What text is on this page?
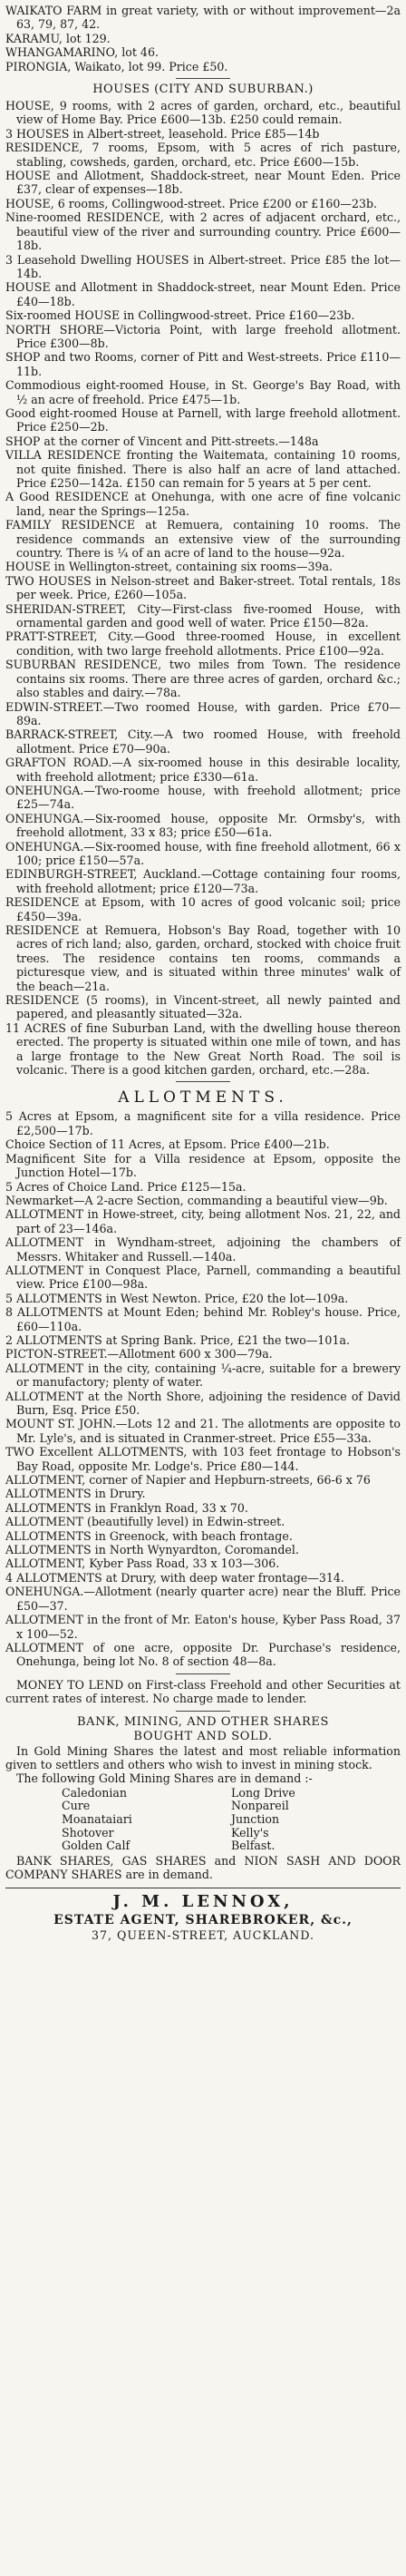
WAIKATO FARM in great variety, with or without improvement—2a 63, 79, 87, 42.

KARAMU, lot 129.

WHANGAMARINO, lot 46.

PIRONGIA, Waikato, lot 99. Price £50.

HOUSES (CITY AND SUBURBAN.)

HOUSE, 9 rooms, with 2 acres of garden, orchard, etc., beautiful view of Home Bay. Price £600—13b. £250 could remain.

3 HOUSES in Albert-street, leasehold. Price £85—14b

RESIDENCE, 7 rooms, Epsom, with 5 acres of rich pasture, stabling, cowsheds, garden, orchard, etc. Price £600—15b.

HOUSE and Allotment, Shaddock-street, near Mount Eden. Price £37, clear of expenses—18b.

HOUSE, 6 rooms, Collingwood-street. Price £200 or £160—23b.

Nine-roomed RESIDENCE, with 2 acres of adjacent orchard, etc., beautiful view of the river and surrounding country. Price £600—18b.

3 Leasehold Dwelling HOUSES in Albert-street. Price £85 the lot—14b.

HOUSE and Allotment in Shaddock-street, near Mount Eden. Price £40—18b.

Six-roomed HOUSE in Collingwood-street. Price £160—23b.

NORTH SHORE—Victoria Point, with large freehold allotment. Price £300—8b.

SHOP and two Rooms, corner of Pitt and West-streets. Price £110—11b.

Commodious eight-roomed House, in St. George's Bay Road, with ½ an acre of freehold. Price £475—1b.

Good eight-roomed House at Parnell, with large freehold allotment. Price £250—2b.

SHOP at the corner of Vincent and Pitt-streets.—148a

VILLA RESIDENCE fronting the Waitemata, containing 10 rooms, not quite finished. There is also half an acre of land attached. Price £250—142a. £150 can remain for 5 years at 5 per cent.

A Good RESIDENCE at Onehunga, with one acre of fine volcanic land, near the Springs—125a.

FAMILY RESIDENCE at Remuera, containing 10 rooms. The residence commands an extensive view of the surrounding country. There is ¼ of an acre of land to the house—92a.

HOUSE in Wellington-street, containing six rooms—39a.

TWO HOUSES in Nelson-street and Baker-street. Total rentals, 18s per week. Price, £260—105a.

SHERIDAN-STREET, City—First-class five-roomed House, with ornamental garden and good well of water. Price £150—82a.

PRATT-STREET, City.—Good three-roomed House, in excellent condition, with two large freehold allotments. Price £100—92a.

SUBURBAN RESIDENCE, two miles from Town. The residence contains six rooms. There are three acres of garden, orchard &c.; also stables and dairy.—78a.

EDWIN-STREET.—Two roomed House, with garden. Price £70—89a.

BARRACK-STREET, City.—A two roomed House, with freehold allotment. Price £70—90a.

GRAFTON ROAD.—A six-roomed house in this desirable locality, with freehold allotment; price £330—61a.

ONEHUNGA.—Two-roome house, with freehold allotment; price £25—74a.

ONEHUNGA.—Six-roomed house, opposite Mr. Ormsby's, with freehold allotment, 33 x 83; price £50—61a.

ONEHUNGA.—Six-roomed house, with fine freehold allotment, 66 x 100; price £150—57a.

EDINBURGH-STREET, Auckland.—Cottage containing four rooms, with freehold allotment; price £120—73a.

RESIDENCE at Epsom, with 10 acres of good volcanic soil; price £450—39a.

RESIDENCE at Remuera, Hobson's Bay Road, together with 10 acres of rich land; also, garden, orchard, stocked with choice fruit trees. The residence contains ten rooms, commands a picturesque view, and is situated within three minutes' walk of the beach—21a.

RESIDENCE (5 rooms), in Vincent-street, all newly painted and papered, and pleasantly situated—32a.

11 ACRES of fine Suburban Land, with the dwelling house thereon erected. The property is situated within one mile of town, and has a large frontage to the New Great North Road. The soil is volcanic. There is a good kitchen garden, orchard, etc.—28a.

ALLOTMENTS.

5 Acres at Epsom, a magnificent site for a villa residence. Price £2,500—17b.

Choice Section of 11 Acres, at Epsom. Price £400—21b.

Magnificent Site for a Villa residence at Epsom, opposite the Junction Hotel—17b.

5 Acres of Choice Land. Price £125—15a.

Newmarket—A 2-acre Section, commanding a beautiful view—9b.

ALLOTMENT in Howe-street, city, being allotment Nos. 21, 22, and part of 23—146a.

ALLOTMENT in Wyndham-street, adjoining the chambers of Messrs. Whitaker and Russell.—140a.

ALLOTMENT in Conquest Place, Parnell, commanding a beautiful view. Price £100—98a.

5 ALLOTMENTS in West Newton. Price, £20 the lot—109a.

8 ALLOTMENTS at Mount Eden; behind Mr. Robley's house. Price, £60—110a.

2 ALLOTMENTS at Spring Bank. Price, £21 the two—101a.

PICTON-STREET.—Allotment 600 x 300—79a.

ALLOTMENT in the city, containing ¼-acre, suitable for a brewery or manufactory; plenty of water.

ALLOTMENT at the North Shore, adjoining the residence of David Burn, Esq. Price £50.

MOUNT ST. JOHN.—Lots 12 and 21. The allotments are opposite to Mr. Lyle's, and is situated in Cranmer-street. Price £55—33a.

TWO Excellent ALLOTMENTS, with 103 feet frontage to Hobson's Bay Road, opposite Mr. Lodge's. Price £80—144.

ALLOTMENT, corner of Napier and Hepburn-streets, 66-6 x 76

ALLOTMENTS in Drury.

ALLOTMENTS in Franklyn Road, 33 x 70.

ALLOTMENT (beautifully level) in Edwin-street.

ALLOTMENTS in Greenock, with beach frontage.

ALLOTMENTS in North Wynyardton, Coromandel.

ALLOTMENT, Kyber Pass Road, 33 x 103—306.

4 ALLOTMENTS at Drury, with deep water frontage—314.

ONEHUNGA.—Allotment (nearly quarter acre) near the Bluff. Price £50—37.

ALLOTMENT in the front of Mr. Eaton's house, Kyber Pass Road, 37 x 100—52.

ALLOTMENT of one acre, opposite Dr. Purchase's residence, Onehunga, being lot No. 8 of section 48—8a.

MONEY TO LEND on First-class Freehold and other Securities at current rates of interest. No charge made to lender.

BANK, MINING, AND OTHER SHARES
BOUGHT AND SOLD.

In Gold Mining Shares the latest and most reliable information given to settlers and others who wish to invest in mining stock.

The following Gold Mining Shares are in demand :-

Caledonian	Long Drive
Cure	Nonpareil
Moanataiari	Junction
Shotover	Kelly's
Golden Calf	Belfast.

BANK SHARES, GAS SHARES and NION SASH AND DOOR COMPANY SHARES are in demand.

J. M. LENNOX,
ESTATE AGENT, SHAREBROKER, &c.,
37, QUEEN-STREET, AUCKLAND.
